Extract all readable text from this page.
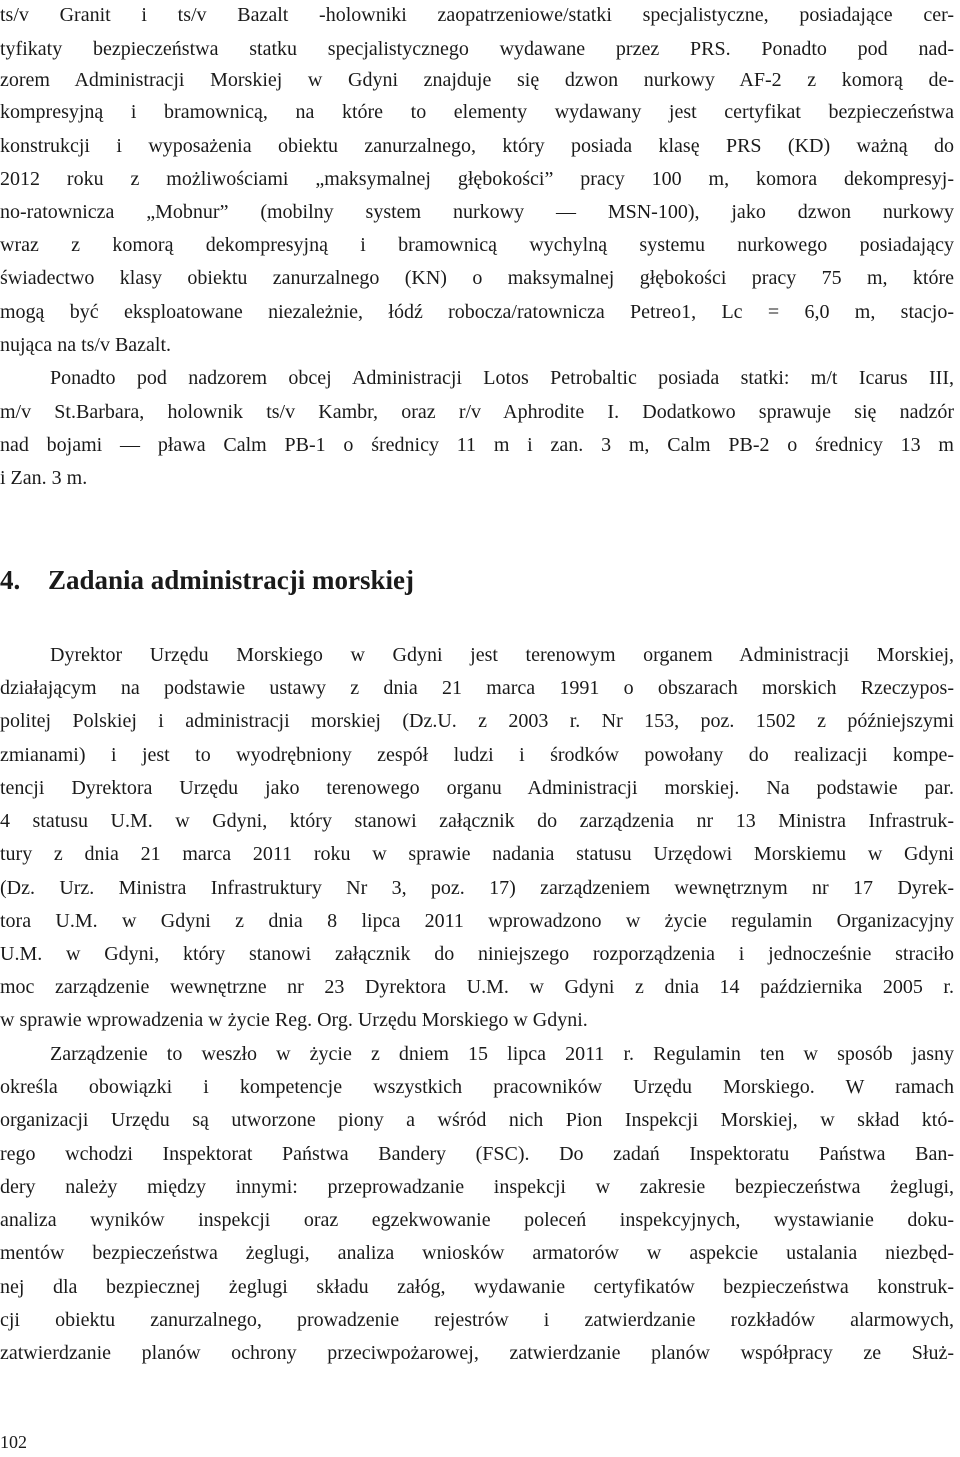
ts/v Granit i ts/v Bazalt -holowniki zaopatrzeniowe/statki specjalistyczne, posiadające cer-
tyfikaty bezpieczeństwa statku specjalistycznego wydawane przez PRS. Ponadto pod nad-
zorem Administracji Morskiej w Gdyni znajduje się dzwon nurkowy AF-2 z komorą de-
kompresyjną i bramownicą, na które to elementy wydawany jest certyfikat bezpieczeństwa
konstrukcji i wyposażenia obiektu zanurzalnego, który posiada klasę PRS (KD) ważną do
2012 roku z możliwościami „maksymalnej głębokości” pracy 100 m, komora dekompresyj-
no-ratownicza „Mobnur” (mobilny system nurkowy — MSN-100), jako dzwon nurkowy
wraz z komorą dekompresyjną i bramownicą wychylną systemu nurkowego posiadający
świadectwo klasy obiektu zanurzalnego (KN) o maksymalnej głębokości pracy 75 m, które
mogą być eksploatowane niezależnie, łódź robocza/ratownicza Petreo1, Lc = 6,0 m, stacjo-
nująca na ts/v Bazalt.
Ponadto pod nadzorem obcej Administracji Lotos Petrobaltic posiada statki: m/t Icarus III,
m/v St.Barbara, holownik ts/v Kambr, oraz r/v Aphrodite I. Dodatkowo sprawuje się nadzór
nad bojami — pława Calm PB-1 o średnicy 11 m i zan. 3 m, Calm PB-2 o średnicy 13 m
i Zan. 3 m.
4. Zadania administracji morskiej
Dyrektor Urzędu Morskiego w Gdyni jest terenowym organem Administracji Morskiej,
działającym na podstawie ustawy z dnia 21 marca 1991 o obszarach morskich Rzeczypos-
politej Polskiej i administracji morskiej (Dz.U. z 2003 r. Nr 153, poz. 1502 z późniejszymi
zmianami) i jest to wyodrębniony zespół ludzi i środków powołany do realizacji kompe-
tencji Dyrektora Urzędu jako terenowego organu Administracji morskiej. Na podstawie par.
4 statusu U.M. w Gdyni, który stanowi załącznik do zarządzenia nr 13 Ministra Infrastruk-
tury z dnia 21 marca 2011 roku w sprawie nadania statusu Urzędowi Morskiemu w Gdyni
(Dz. Urz. Ministra Infrastruktury Nr 3, poz. 17) zarządzeniem wewnętrznym nr 17 Dyrek-
tora U.M. w Gdyni z dnia 8 lipca 2011 wprowadzono w życie regulamin Organizacyjny
U.M. w Gdyni, który stanowi załącznik do niniejszego rozporządzenia i jednocześnie straciło
moc zarządzenie wewnętrzne nr 23 Dyrektora U.M. w Gdyni z dnia 14 października 2005 r.
w sprawie wprowadzenia w życie Reg. Org. Urzędu Morskiego w Gdyni.
Zarządzenie to weszło w życie z dniem 15 lipca 2011 r. Regulamin ten w sposób jasny
określa obowiązki i kompetencje wszystkich pracowników Urzędu Morskiego. W ramach
organizacji Urzędu są utworzone piony a wśród nich Pion Inspekcji Morskiej, w skład któ-
rego wchodzi Inspektorat Państwa Bandery (FSC). Do zadań Inspektoratu Państwa Ban-
dery należy między innymi: przeprowadzanie inspekcji w zakresie bezpieczeństwa żeglugi,
analiza wyników inspekcji oraz egzekwowanie poleceń inspekcyjnych, wystawianie doku-
mentów bezpieczeństwa żeglugi, analiza wniosków armatorów w aspekcie ustalania niezbęd-
nej dla bezpiecznej żeglugi składu załóg, wydawanie certyfikatów bezpieczeństwa konstruk-
cji obiektu zanurzalnego, prowadzenie rejestrów i zatwierdzanie rozkładów alarmowych,
zatwierdzanie planów ochrony przeciwpożarowej, zatwierdzanie planów współpracy ze Służ-
102
